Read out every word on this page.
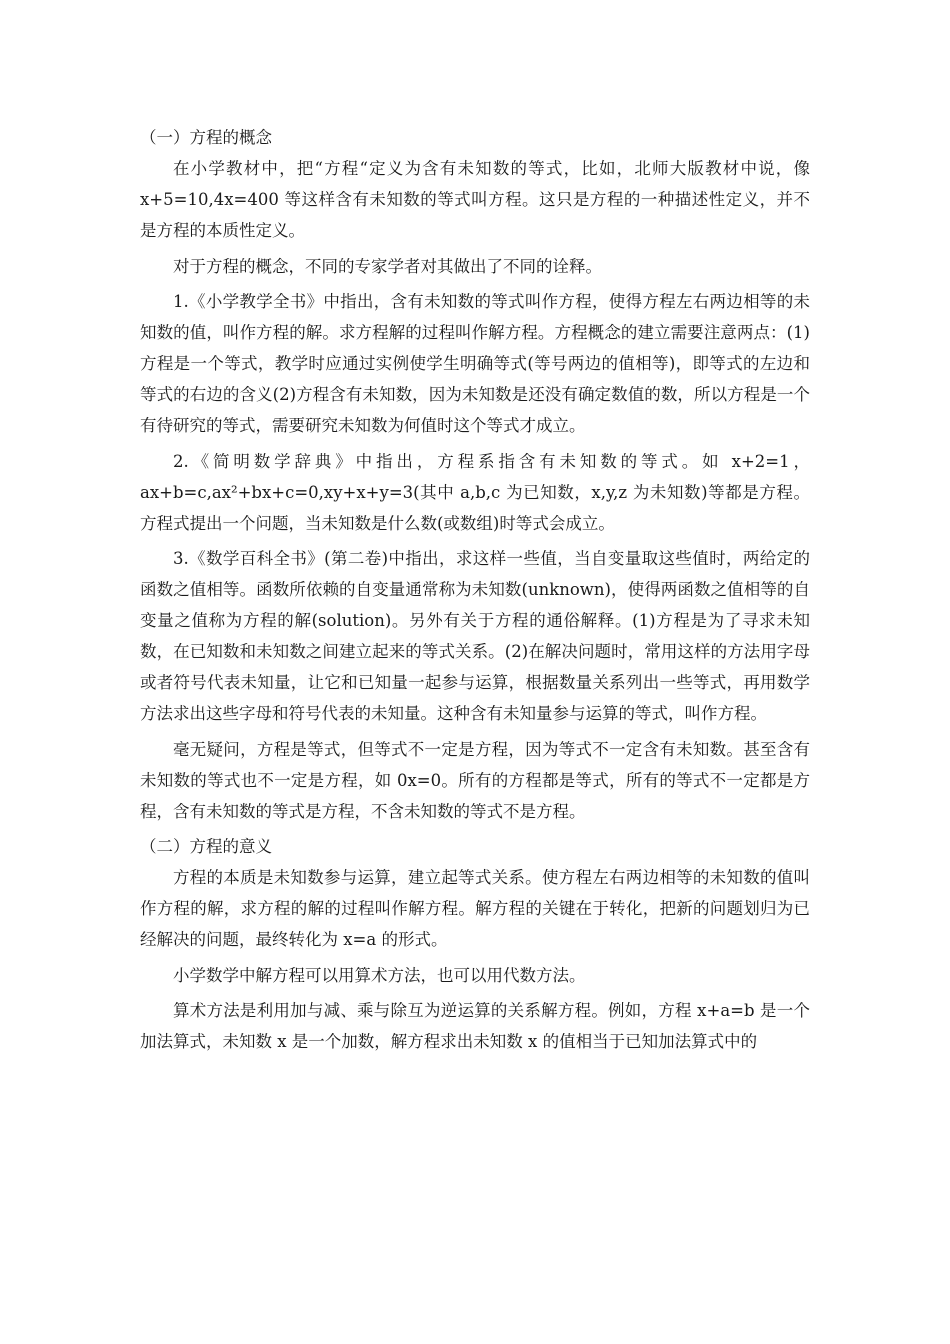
（一）方程的概念

在小学教材中，把“方程“定义为含有未知数的等式，比如，北师大版教材中说，像 x+5=10,4x=400 等这样含有未知数的等式叫方程。这只是方程的一种描述性定义，并不是方程的本质性定义。

对于方程的概念，不同的专家学者对其做出了不同的诠释。

1.《小学教学全书》中指出，含有未知数的等式叫作方程，使得方程左右两边相等的未知数的值，叫作方程的解。求方程解的过程叫作解方程。方程概念的建立需要注意两点：(1)方程是一个等式，教学时应通过实例使学生明确等式(等号两边的值相等)，即等式的左边和等式的右边的含义(2)方程含有未知数，因为未知数是还没有确定数值的数，所以方程是一个有待研究的等式，需要研究未知数为何值时这个等式才成立。

2.《简明数学辞典》中指出，方程系指含有未知数的等式。如 x+2=1，ax+b=c,ax²+bx+c=0,xy+x+y=3(其中 a,b,c 为已知数，x,y,z 为未知数)等都是方程。方程式提出一个问题，当未知数是什么数(或数组)时等式会成立。

3.《数学百科全书》(第二卷)中指出，求这样一些值，当自变量取这些值时，两给定的函数之值相等。函数所依赖的自变量通常称为未知数(unknown)，使得两函数之值相等的自变量之值称为方程的解(solution)。另外有关于方程的通俗解释。(1)方程是为了寻求未知数，在已知数和未知数之间建立起来的等式关系。(2)在解决问题时，常用这样的方法用字母或者符号代表未知量，让它和已知量一起参与运算，根据数量关系列出一些等式，再用数学方法求出这些字母和符号代表的未知量。这种含有未知量参与运算的等式，叫作方程。

毫无疑问，方程是等式，但等式不一定是方程，因为等式不一定含有未知数。甚至含有未知数的等式也不一定是方程，如 0x=0。所有的方程都是等式，所有的等式不一定都是方程，含有未知数的等式是方程，不含未知数的等式不是方程。

（二）方程的意义

方程的本质是未知数参与运算，建立起等式关系。使方程左右两边相等的未知数的值叫作方程的解，求方程的解的过程叫作解方程。解方程的关键在于转化，把新的问题划归为已经解决的问题，最终转化为 x=a 的形式。

小学数学中解方程可以用算术方法，也可以用代数方法。

算术方法是利用加与减、乘与除互为逆运算的关系解方程。例如，方程 x+a=b 是一个加法算式，未知数 x 是一个加数，解方程求出未知数 x 的值相当于已知加法算式中的
